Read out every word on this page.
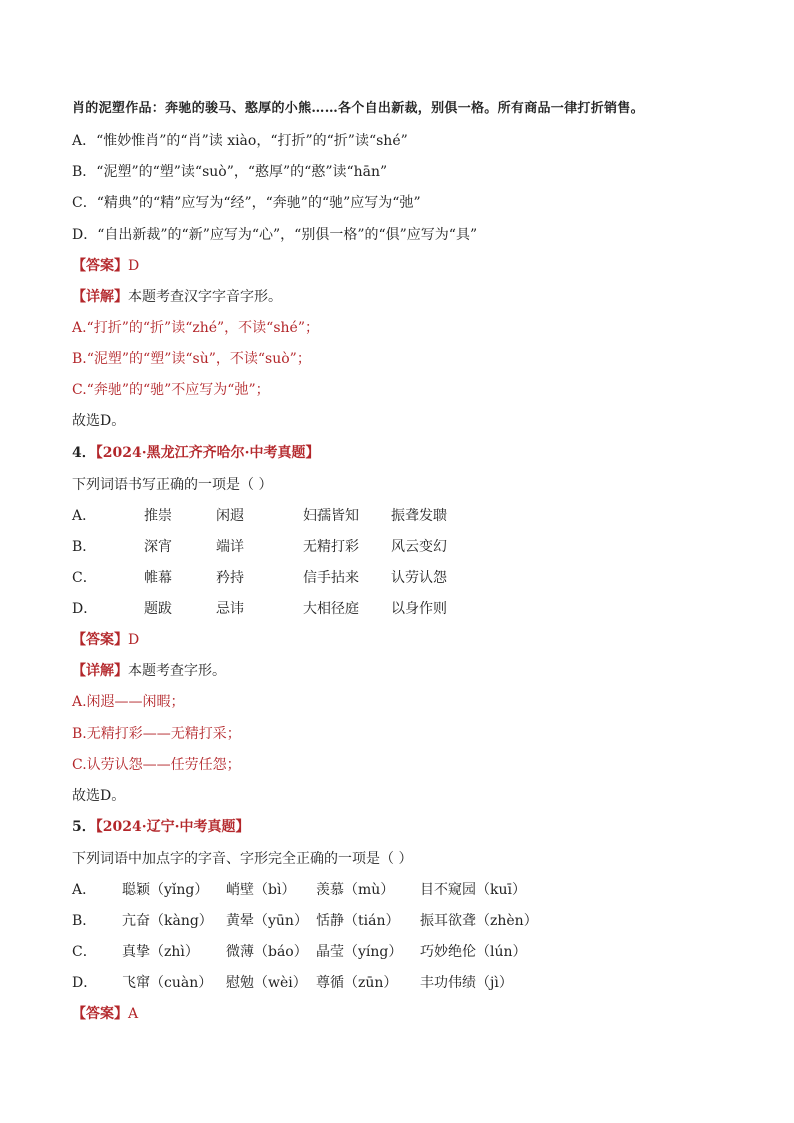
肖的泥塑作品：奔驰的骏马、憨厚的小熊……各个自出新裁，别俱一格。所有商品一律打折销售。
A．“惟妙惟肖”的“肖”读 xiào，“打折”的“折”读“shé”
B．“泥塑”的“塑”读“suò”，“憨厚”的“憨”读“hān”
C．“精典”的“精”应写为“经”，“奔驰”的“驰”应写为“弛”
D．“自出新裁”的“新”应写为“心”，“别俱一格”的“俱”应写为“具”
【答案】D
【详解】本题考查汉字字音字形。
A.“打折”的“折”读“zhé”，不读“shé”；
B.“泥塑”的“塑”读“sù”，不读“suò”；
C.“奔驰”的“驰”不应写为“弛”；
故选D。
4．【2024·黑龙江齐齐哈尔·中考真题】
下列词语书写正确的一项是（ ）
A．	推崇	闲遐	妇孺皆知 振聋发聩
B．	深宵	端详	无精打彩 风云变幻
C．	帷幕	矜持	信手拈来 认劳认怨
D．	题跋	忌讳	大相径庭 以身作则
【答案】D
【详解】本题考查字形。
A.闲遐——闲暇；
B.无精打彩——无精打采；
C.认劳认怨——任劳任怨；
故选D。
5．【2024·辽宁·中考真题】
下列词语中加点字的字音、字形完全正确的一项是（ ）
A． 聪颖（yǐng） 峭壁（bì） 羡慕（mù） 目不窥园（kuī）
B． 亢奋（kàng） 黄晕（yūn） 恬静（tián） 振耳欲聋（zhèn）
C． 真挚（zhì） 微薄（báo） 晶莹（yíng） 巧妙绝伦（lún）
D． 飞窜（cuàn） 慰勉（wèi） 尊循（zūn） 丰功伟绩（jì）
【答案】A
